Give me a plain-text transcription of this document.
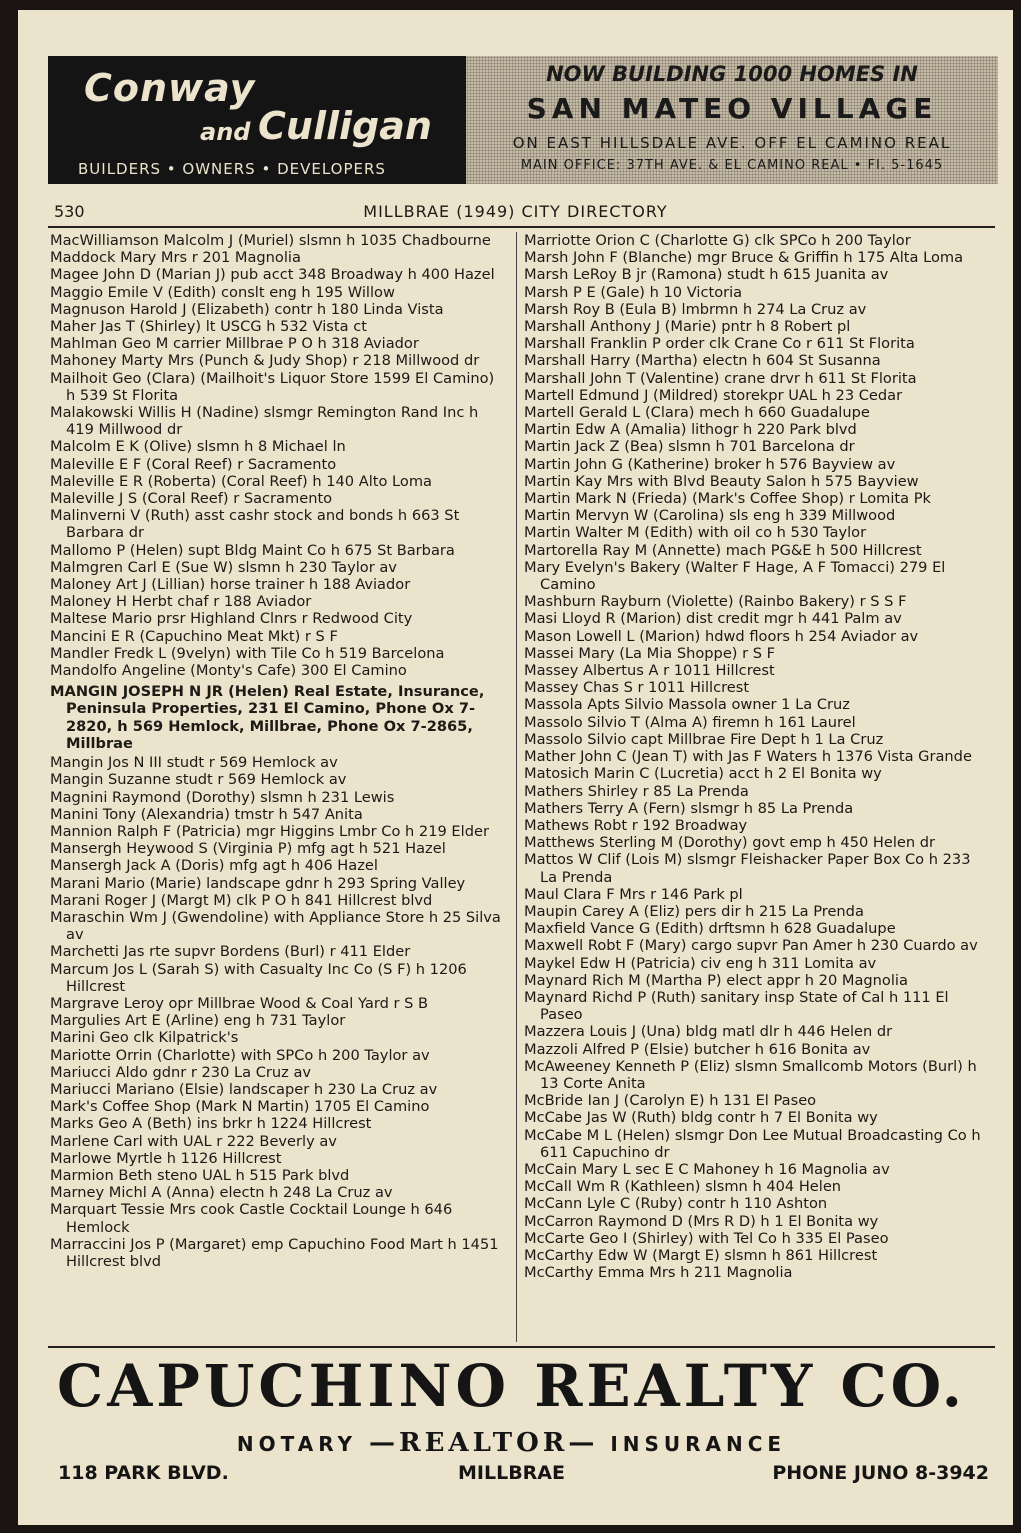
Conway
and Culligan
BUILDERS • OWNERS • DEVELOPERS
NOW BUILDING 1000 HOMES IN
SAN MATEO VILLAGE
ON EAST HILLSDALE AVE. OFF EL CAMINO REAL
MAIN OFFICE: 37TH AVE. & EL CAMINO REAL • FI. 5-1645
530	MILLBRAE (1949) CITY DIRECTORY

MacWilliamson Malcolm J (Muriel) slsmn h 1035 Chadbourne

Maddock Mary Mrs r 201 Magnolia

Magee John D (Marian J) pub acct 348 Broadway h 400 Hazel

Maggio Emile V (Edith) conslt eng h 195 Willow

Magnuson Harold J (Elizabeth) contr h 180 Linda Vista

Maher Jas T (Shirley) lt USCG h 532 Vista ct

Mahlman Geo M carrier Millbrae P O h 318 Aviador

Mahoney Marty Mrs (Punch & Judy Shop) r 218 Millwood dr

Mailhoit Geo (Clara) (Mailhoit's Liquor Store 1599 El Camino) h 539 St Florita

Malakowski Willis H (Nadine) slsmgr Remington Rand Inc h 419 Millwood dr

Malcolm E K (Olive) slsmn h 8 Michael ln

Maleville E F (Coral Reef) r Sacramento

Maleville E R (Roberta) (Coral Reef) h 140 Alto Loma

Maleville J S (Coral Reef) r Sacramento

Malinverni V (Ruth) asst cashr stock and bonds h 663 St Barbara dr

Mallomo P (Helen) supt Bldg Maint Co h 675 St Barbara

Malmgren Carl E (Sue W) slsmn h 230 Taylor av

Maloney Art J (Lillian) horse trainer h 188 Aviador

Maloney H Herbt chaf r 188 Aviador

Maltese Mario prsr Highland Clnrs r Redwood City

Mancini E R (Capuchino Meat Mkt) r S F

Mandler Fredk L (9velyn) with Tile Co h 519 Barcelona

Mandolfo Angeline (Monty's Cafe) 300 El Camino

MANGIN JOSEPH N JR (Helen) Real Estate, Insurance, Peninsula Properties, 231 El Camino, Phone Ox 7-2820, h 569 Hemlock, Millbrae, Phone Ox 7-2865, Millbrae

Mangin Jos N III studt r 569 Hemlock av

Mangin Suzanne studt r 569 Hemlock av

Magnini Raymond (Dorothy) slsmn h 231 Lewis

Manini Tony (Alexandria) tmstr h 547 Anita

Mannion Ralph F (Patricia) mgr Higgins Lmbr Co h 219 Elder

Mansergh Heywood S (Virginia P) mfg agt h 521 Hazel

Mansergh Jack A (Doris) mfg agt h 406 Hazel

Marani Mario (Marie) landscape gdnr h 293 Spring Valley

Marani Roger J (Margt M) clk P O h 841 Hillcrest blvd

Maraschin Wm J (Gwendoline) with Appliance Store h 25 Silva av

Marchetti Jas rte supvr Bordens (Burl) r 411 Elder

Marcum Jos L (Sarah S) with Casualty Inc Co (S F) h 1206 Hillcrest

Margrave Leroy opr Millbrae Wood & Coal Yard r S B

Margulies Art E (Arline) eng h 731 Taylor

Marini Geo clk Kilpatrick's

Mariotte Orrin (Charlotte) with SPCo h 200 Taylor av

Mariucci Aldo gdnr r 230 La Cruz av

Mariucci Mariano (Elsie) landscaper h 230 La Cruz av

Mark's Coffee Shop (Mark N Martin) 1705 El Camino

Marks Geo A (Beth) ins brkr h 1224 Hillcrest

Marlene Carl with UAL r 222 Beverly av

Marlowe Myrtle h 1126 Hillcrest

Marmion Beth steno UAL h 515 Park blvd

Marney Michl A (Anna) electn h 248 La Cruz av

Marquart Tessie Mrs cook Castle Cocktail Lounge h 646 Hemlock

Marraccini Jos P (Margaret) emp Capuchino Food Mart h 1451 Hillcrest blvd

Marriotte Orion C (Charlotte G) clk SPCo h 200 Taylor

Marsh John F (Blanche) mgr Bruce & Griffin h 175 Alta Loma

Marsh LeRoy B jr (Ramona) studt h 615 Juanita av

Marsh P E (Gale) h 10 Victoria

Marsh Roy B (Eula B) lmbrmn h 274 La Cruz av

Marshall Anthony J (Marie) pntr h 8 Robert pl

Marshall Franklin P order clk Crane Co r 611 St Florita

Marshall Harry (Martha) electn h 604 St Susanna

Marshall John T (Valentine) crane drvr h 611 St Florita

Martell Edmund J (Mildred) storekpr UAL h 23 Cedar

Martell Gerald L (Clara) mech h 660 Guadalupe

Martin Edw A (Amalia) lithogr h 220 Park blvd

Martin Jack Z (Bea) slsmn h 701 Barcelona dr

Martin John G (Katherine) broker h 576 Bayview av

Martin Kay Mrs with Blvd Beauty Salon h 575 Bayview

Martin Mark N (Frieda) (Mark's Coffee Shop) r Lomita Pk

Martin Mervyn W (Carolina) sls eng h 339 Millwood

Martin Walter M (Edith) with oil co h 530 Taylor

Martorella Ray M (Annette) mach PG&E h 500 Hillcrest

Mary Evelyn's Bakery (Walter F Hage, A F Tomacci) 279 El Camino

Mashburn Rayburn (Violette) (Rainbo Bakery) r S S F

Masi Lloyd R (Marion) dist credit mgr h 441 Palm av

Mason Lowell L (Marion) hdwd floors h 254 Aviador av

Massei Mary (La Mia Shoppe) r S F

Massey Albertus A r 1011 Hillcrest

Massey Chas S r 1011 Hillcrest

Massola Apts Silvio Massola owner 1 La Cruz

Massolo Silvio T (Alma A) firemn h 161 Laurel

Massolo Silvio capt Millbrae Fire Dept h 1 La Cruz

Mather John C (Jean T) with Jas F Waters h 1376 Vista Grande

Matosich Marin C (Lucretia) acct h 2 El Bonita wy

Mathers Shirley r 85 La Prenda

Mathers Terry A (Fern) slsmgr h 85 La Prenda

Mathews Robt r 192 Broadway

Matthews Sterling M (Dorothy) govt emp h 450 Helen dr

Mattos W Clif (Lois M) slsmgr Fleishacker Paper Box Co h 233 La Prenda

Maul Clara F Mrs r 146 Park pl

Maupin Carey A (Eliz) pers dir h 215 La Prenda

Maxfield Vance G (Edith) drftsmn h 628 Guadalupe

Maxwell Robt F (Mary) cargo supvr Pan Amer h 230 Cuardo av

Maykel Edw H (Patricia) civ eng h 311 Lomita av

Maynard Rich M (Martha P) elect appr h 20 Magnolia

Maynard Richd P (Ruth) sanitary insp State of Cal h 111 El Paseo

Mazzera Louis J (Una) bldg matl dlr h 446 Helen dr

Mazzoli Alfred P (Elsie) butcher h 616 Bonita av

McAweeney Kenneth P (Eliz) slsmn Smallcomb Motors (Burl) h 13 Corte Anita

McBride Ian J (Carolyn E) h 131 El Paseo

McCabe Jas W (Ruth) bldg contr h 7 El Bonita wy

McCabe M L (Helen) slsmgr Don Lee Mutual Broadcasting Co h 611 Capuchino dr

McCain Mary L sec E C Mahoney h 16 Magnolia av

McCall Wm R (Kathleen) slsmn h 404 Helen

McCann Lyle C (Ruby) contr h 110 Ashton

McCarron Raymond D (Mrs R D) h 1 El Bonita wy

McCarte Geo I (Shirley) with Tel Co h 335 El Paseo

McCarthy Edw W (Margt E) slsmn h 861 Hillcrest

McCarthy Emma Mrs h 211 Magnolia

CAPUCHINO REALTY CO.
NOTARY —REALTOR— INSURANCE
118 PARK BLVD.	MILLBRAE	PHONE JUNO 8-3942
